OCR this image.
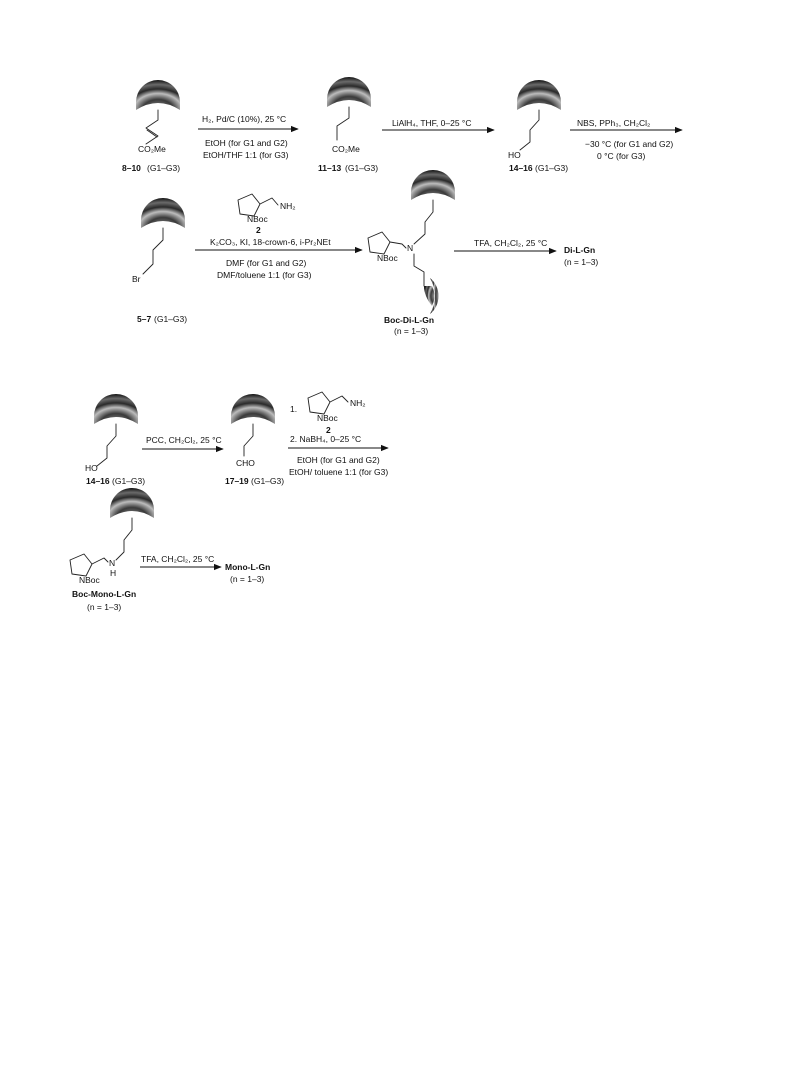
CO₂Me
8–10 (G1–G3)
H₂, Pd/C (10%), 25 °C
EtOH (for G1 and G2)
EtOH/THF 1:1 (for G3)
CO₂Me
11–13 (G1–G3)
LiAlH₄, THF, 0–25 °C
HO
14–16 (G1–G3)
NBS, PPh₃, CH₂Cl₂
−30 °C (for G1 and G2)
0 °C (for G3)
Br
5–7 (G1–G3)
NH₂
NBoc
2
K₂CO₃, KI, 18-crown-6, i-Pr₂NEt
DMF (for G1 and G2)
DMF/toluene 1:1 (for G3)
N
NBoc
Boc-Di-L-Gn
(n = 1–3)
TFA, CH₂Cl₂, 25 °C
Di-L-Gn
(n = 1–3)
HO
14–16 (G1–G3)
PCC, CH₂Cl₂, 25 °C
CHO
17–19 (G1–G3)
1.
NH₂
NBoc
2
2. NaBH₄, 0–25 °C
EtOH (for G1 and G2)
EtOH/ toluene 1:1 (for G3)
N
H
NBoc
Boc-Mono-L-Gn
(n = 1–3)
TFA, CH₂Cl₂, 25 °C
Mono-L-Gn
(n = 1–3)
